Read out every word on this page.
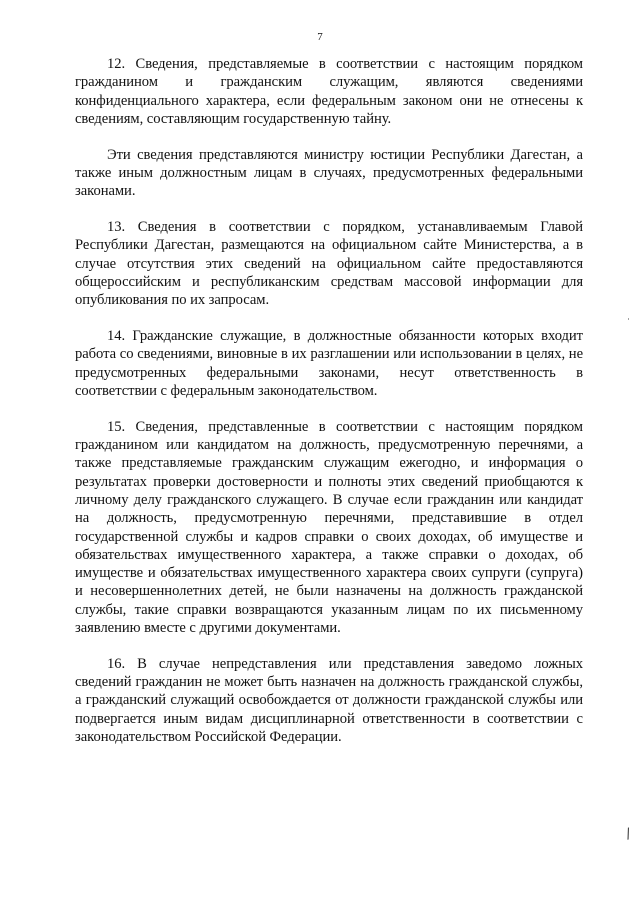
7

12. Сведения, представляемые в соответствии с настоящим порядком гражданином и гражданским служащим, являются сведениями конфиденциального характера, если федеральным законом они не отнесены к сведениям, составляющим государственную тайну.

Эти сведения представляются министру юстиции Республики Дагестан, а также иным должностным лицам в случаях, предусмотренных федеральными законами.

13. Сведения в соответствии с порядком, устанавливаемым Главой Республики Дагестан, размещаются на официальном сайте Министерства, а в случае отсутствия этих сведений на официальном сайте предоставляются общероссийским и республиканским средствам массовой информации для опубликования по их запросам.

14. Гражданские служащие, в должностные обязанности которых входит работа со сведениями, виновные в их разглашении или использовании в целях, не предусмотренных федеральными законами, несут ответственность в соответствии с федеральным законодательством.

15. Сведения, представленные в соответствии с настоящим порядком гражданином или кандидатом на должность, предусмотренную перечнями, а также представляемые гражданским служащим ежегодно, и информация о результатах проверки достоверности и полноты этих сведений приобщаются к личному делу гражданского служащего. В случае если гражданин или кандидат на должность, предусмотренную перечнями, представившие в отдел государственной службы и кадров справки о своих доходах, об имуществе и обязательствах имущественного характера, а также справки о доходах, об имуществе и обязательствах имущественного характера своих супруги (супруга) и несовершеннолетних детей, не были назначены на должность гражданской службы, такие справки возвращаются указанным лицам по их письменному заявлению вместе с другими документами.

16. В случае непредставления или представления заведомо ложных сведений гражданин не может быть назначен на должность гражданской службы, а гражданский служащий освобождается от должности гражданской службы или подвергается иным видам дисциплинарной ответственности в соответствии с законодательством Российской Федерации.

˙
/
